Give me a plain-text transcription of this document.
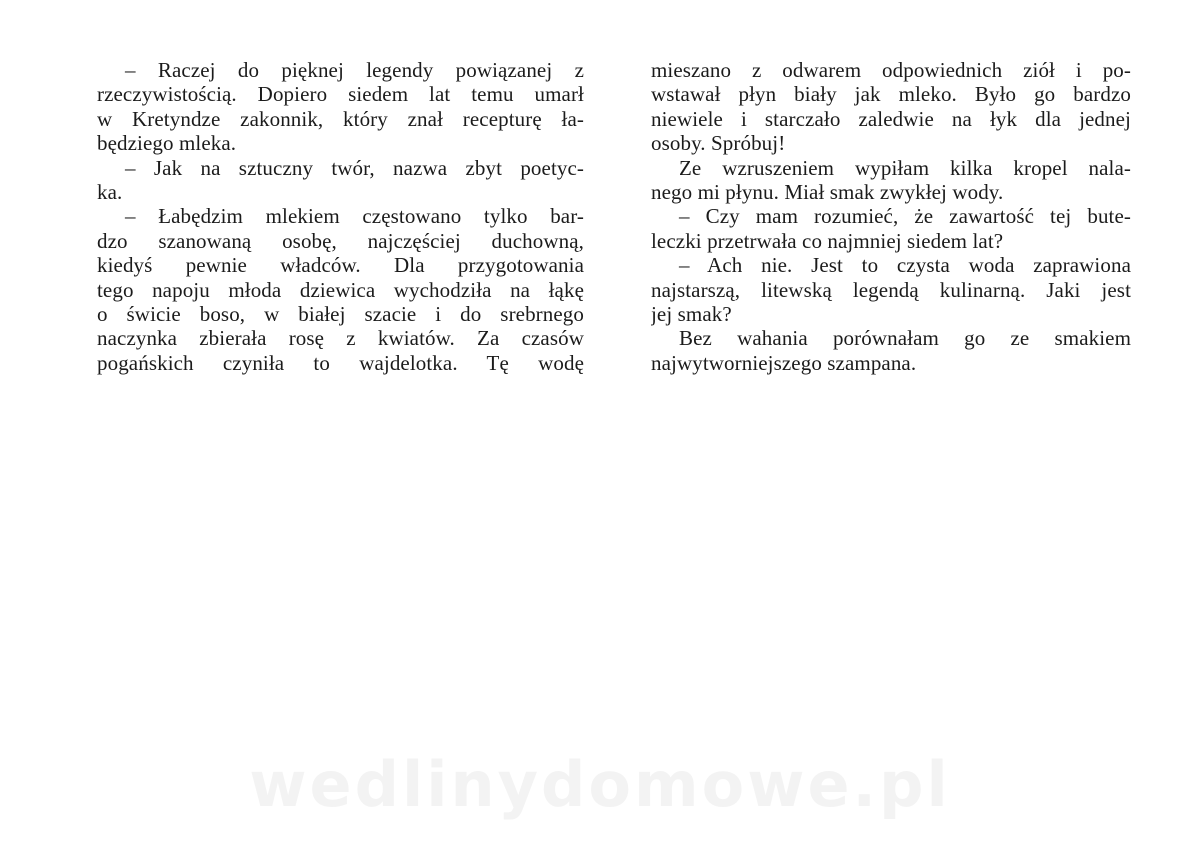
– Raczej do pięknej legendy powiązanej z
rzeczywistością. Dopiero siedem lat temu umarł
w Kretyndze zakonnik, który znał recepturę ła-
będziego mleka.
– Jak na sztuczny twór, nazwa zbyt poetyc-
ka.
– Łabędzim mlekiem częstowano tylko bar-
dzo szanowaną osobę, najczęściej duchowną,
kiedyś pewnie władców. Dla przygotowania
tego napoju młoda dziewica wychodziła na łąkę
o świcie boso, w białej szacie i do srebrnego
naczynka zbierała rosę z kwiatów. Za czasów
pogańskich czyniła to wajdelotka. Tę wodę
mieszano z odwarem odpowiednich ziół i po-
wstawał płyn biały jak mleko. Było go bardzo
niewiele i starczało zaledwie na łyk dla jednej
osoby. Spróbuj!
Ze wzruszeniem wypiłam kilka kropel nala-
nego mi płynu. Miał smak zwykłej wody.
– Czy mam rozumieć, że zawartość tej bute-
leczki przetrwała co najmniej siedem lat?
– Ach nie. Jest to czysta woda zaprawiona
najstarszą, litewską legendą kulinarną. Jaki jest
jej smak?
Bez wahania porównałam go ze smakiem
najwytworniejszego szampana.
wedlinydomowe.pl
